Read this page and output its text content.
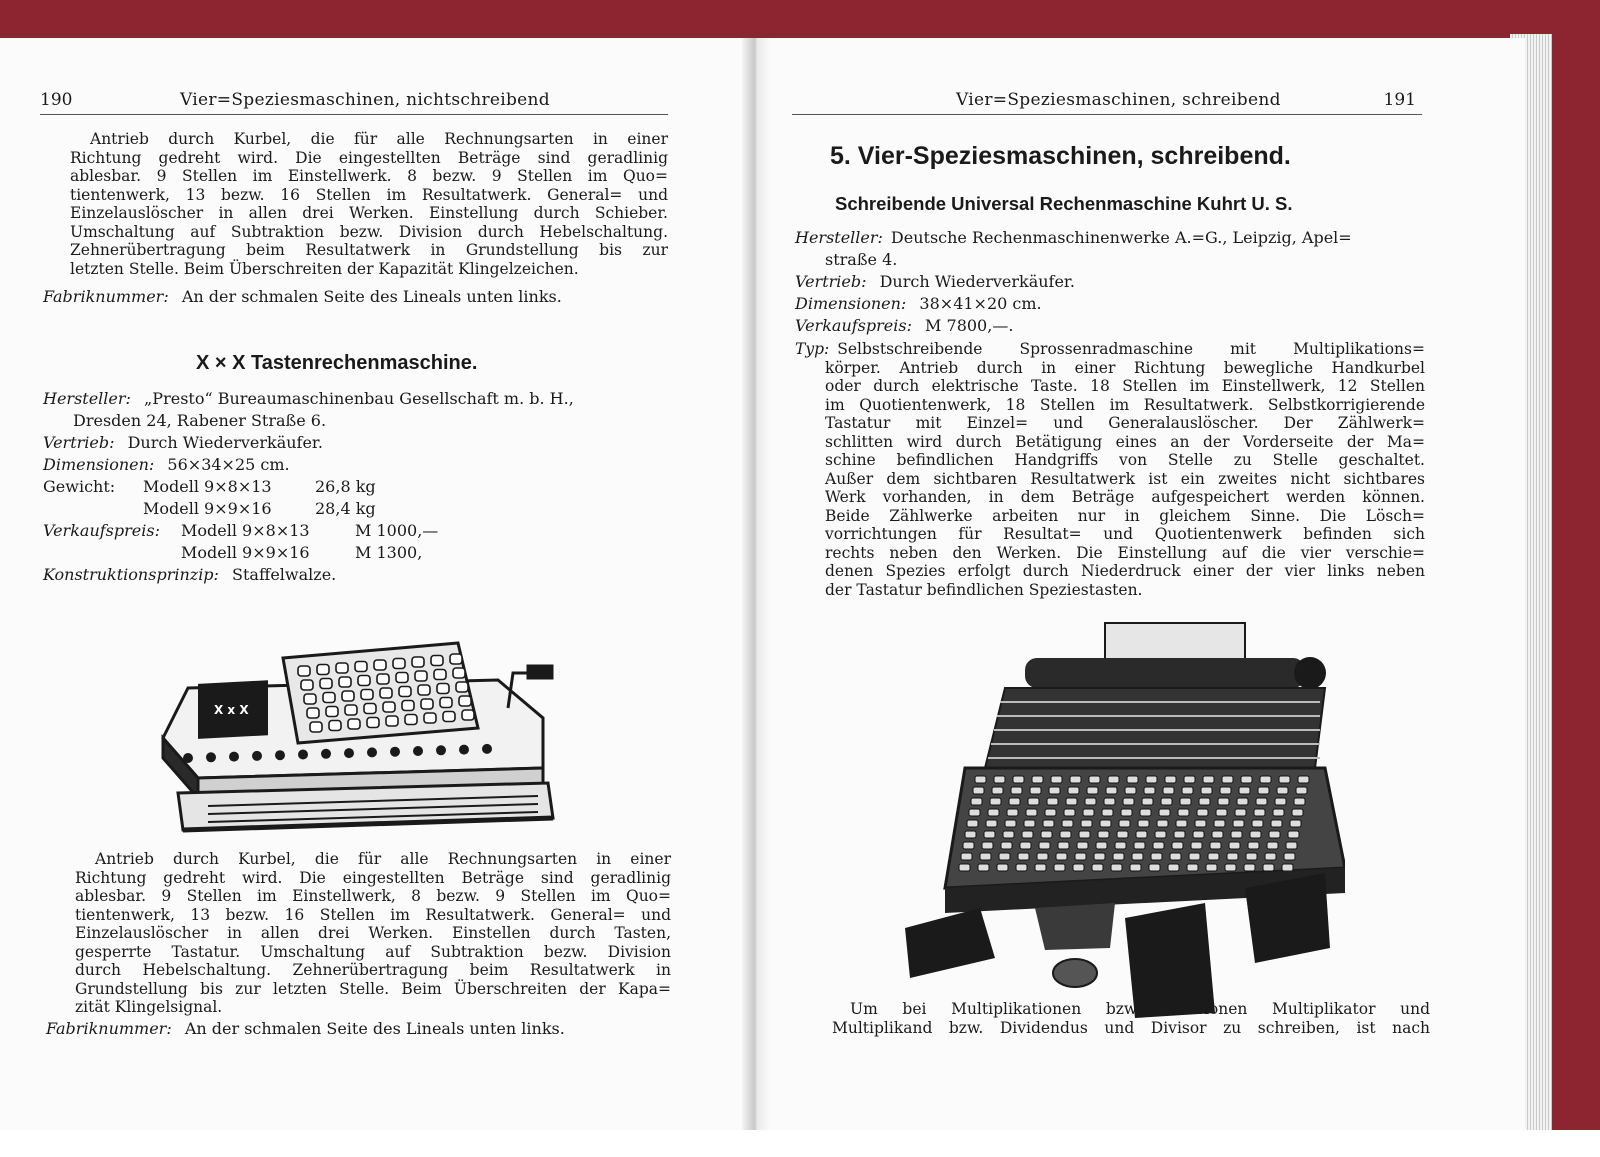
190	Vier=Speziesmaschinen, nichtschreibend
Antrieb durch Kurbel, die für alle Rechnungsarten in einer
Richtung gedreht wird. Die eingestellten Beträge sind geradlinig
ablesbar. 9 Stellen im Einstellwerk. 8 bezw. 9 Stellen im Quo=
tientenwerk, 13 bezw. 16 Stellen im Resultatwerk. General= und
Einzelauslöscher in allen drei Werken. Einstellung durch Schieber.
Umschaltung auf Subtraktion bezw. Division durch Hebelschaltung.
Zehnerübertragung beim Resultatwerk in Grundstellung bis zur
letzten Stelle. Beim Überschreiten der Kapazität Klingelzeichen.

Fabriknummer: An der schmalen Seite des Lineals unten links.

X × X Tastenrechenmaschine.

Hersteller: „Presto“ Bureaumaschinenbau Gesellschaft m. b. H.,

Dresden 24, Rabener Straße 6.

Vertrieb: Durch Wiederverkäufer.

Dimensionen: 56×34×25 cm.

Gewicht:	Modell 9×8×13	26,8 kg
Modell 9×9×16	28,4 kg
Verkaufspreis:	Modell 9×8×13	M 1000,—
Modell 9×9×16	M 1300,

Konstruktionsprinzip: Staffelwalze.

X x X
Antrieb durch Kurbel, die für alle Rechnungsarten in einer
Richtung gedreht wird. Die eingestellten Beträge sind geradlinig
ablesbar. 9 Stellen im Einstellwerk, 8 bezw. 9 Stellen im Quo=
tientenwerk, 13 bezw. 16 Stellen im Resultatwerk. General= und
Einzelauslöscher in allen drei Werken. Einstellen durch Tasten,
gesperrte Tastatur. Umschaltung auf Subtraktion bezw. Division
durch Hebelschaltung. Zehnerübertragung beim Resultatwerk in
Grundstellung bis zur letzten Stelle. Beim Überschreiten der Kapa=
zität Klingelsignal.

Fabriknummer: An der schmalen Seite des Lineals unten links.

Vier=Speziesmaschinen, schreibend	191
5. Vier-Speziesmaschinen, schreibend.
Schreibende Universal Rechenmaschine Kuhrt U. S.

Hersteller: Deutsche Rechenmaschinenwerke A.=G., Leipzig, Apel=

straße 4.

Vertrieb: Durch Wiederverkäufer.

Dimensionen: 38×41×20 cm.

Verkaufspreis: M 7800,—.

Typ: Selbstschreibende Sprossenradmaschine mit Multiplikations=
körper. Antrieb durch in einer Richtung bewegliche Handkurbel
oder durch elektrische Taste. 18 Stellen im Einstellwerk, 12 Stellen
im Quotientenwerk, 18 Stellen im Resultatwerk. Selbstkorrigierende
Tastatur mit Einzel= und Generalauslöscher. Der Zählwerk=
schlitten wird durch Betätigung eines an der Vorderseite der Ma=
schine befindlichen Handgriffs von Stelle zu Stelle geschaltet.
Außer dem sichtbaren Resultatwerk ist ein zweites nicht sichtbares
Werk vorhanden, in dem Beträge aufgespeichert werden können.
Beide Zählwerke arbeiten nur in gleichem Sinne. Die Lösch=
vorrichtungen für Resultat= und Quotientenwerk befinden sich
rechts neben den Werken. Die Einstellung auf die vier verschie=
denen Spezies erfolgt durch Niederdruck einer der vier links neben
der Tastatur befindlichen Speziestasten.
Um bei Multiplikationen bzw. Divisionen Multiplikator und
Multiplikand bzw. Dividendus und Divisor zu schreiben, ist nach
